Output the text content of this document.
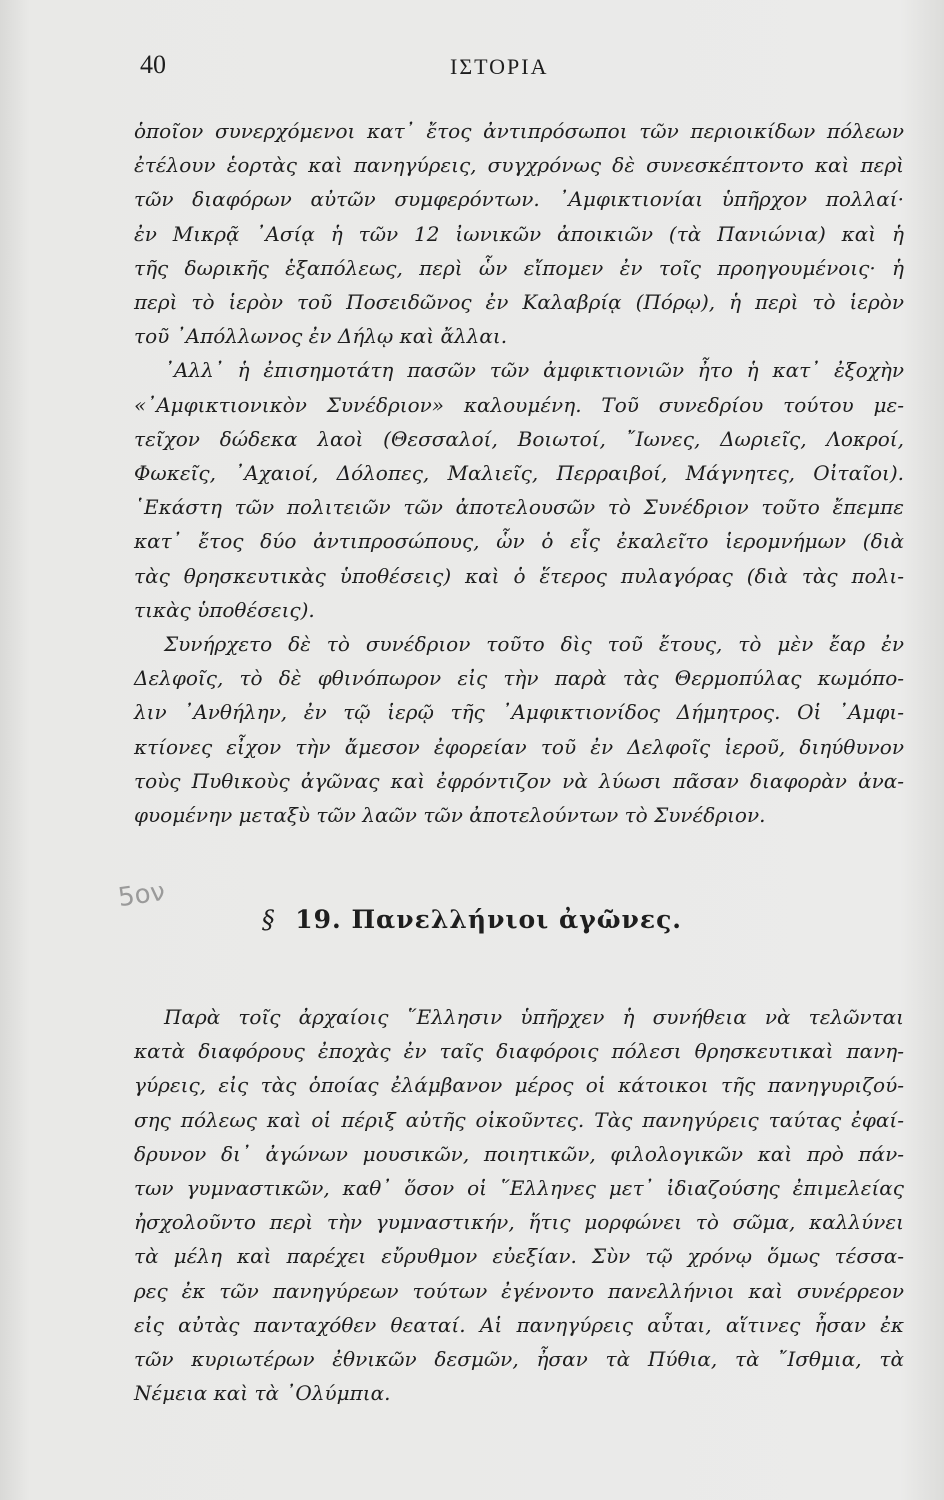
40	ΙΣΤΟΡΙΑ
ὁποῖον συνερχόμενοι κατ᾽ ἔτος ἀντιπρόσωποι τῶν περιοικίδων πόλεων
ἐτέλουν ἑορτὰς καὶ πανηγύρεις, συγχρόνως δὲ συνεσκέπτοντο καὶ περὶ
τῶν διαφόρων αὐτῶν συμφερόντων. ᾽Αμφικτιονίαι ὑπῆρχον πολλαί·
ἐν Μικρᾷ ᾽Ασίᾳ ἡ τῶν 12 ἰωνικῶν ἀποικιῶν (τὰ Πανιώνια) καὶ ἡ
τῆς δωρικῆς ἑξαπόλεως, περὶ ὧν εἴπομεν ἐν τοῖς προηγουμένοις· ἡ
περὶ τὸ ἱερὸν τοῦ Ποσειδῶνος ἐν Καλαβρίᾳ (Πόρῳ), ἡ περὶ τὸ ἱερὸν
τοῦ ᾽Απόλλωνος ἐν Δήλῳ καὶ ἄλλαι.
᾽Αλλ᾽ ἡ ἐπισημοτάτη πασῶν τῶν ἀμφικτιονιῶν ἦτο ἡ κατ᾽ ἐξοχὴν
«᾽Αμφικτιονικὸν Συνέδριον» καλουμένη. Τοῦ συνεδρίου τούτου με-
τεῖχον δώδεκα λαοὶ (Θεσσαλοί, Βοιωτοί, ῎Ιωνες, Δωριεῖς, Λοκροί,
Φωκεῖς, ᾽Αχαιοί, Δόλοπες, Μαλιεῖς, Περραιβοί, Μάγνητες, Οἰταῖοι).
῾Εκάστη τῶν πολιτειῶν τῶν ἀποτελουσῶν τὸ Συνέδριον τοῦτο ἔπεμπε
κατ᾽ ἔτος δύο ἀντιπροσώπους, ὧν ὁ εἷς ἐκαλεῖτο ἱερομνήμων (διὰ
τὰς θρησκευτικὰς ὑποθέσεις) καὶ ὁ ἕτερος πυλαγόρας (διὰ τὰς πολι-
τικὰς ὑποθέσεις).
Συνήρχετο δὲ τὸ συνέδριον τοῦτο δὶς τοῦ ἔτους, τὸ μὲν ἔαρ ἐν
Δελφοῖς, τὸ δὲ φθινόπωρον εἰς τὴν παρὰ τὰς Θερμοπύλας κωμόπο-
λιν ᾽Ανθήλην, ἐν τῷ ἱερῷ τῆς ᾽Αμφικτιονίδος Δήμητρος. Οἱ ᾽Αμφι-
κτίονες εἶχον τὴν ἄμεσον ἐφορείαν τοῦ ἐν Δελφοῖς ἱεροῦ, διηύθυνον
τοὺς Πυθικοὺς ἀγῶνας καὶ ἐφρόντιζον νὰ λύωσι πᾶσαν διαφορὰν ἀνα-
φυομένην μεταξὺ τῶν λαῶν τῶν ἀποτελούντων τὸ Συνέδριον.
5ον
§ 19. Πανελλήνιοι ἀγῶνες.
Παρὰ τοῖς ἀρχαίοις ῞Ελλησιν ὑπῆρχεν ἡ συνήθεια νὰ τελῶνται
κατὰ διαφόρους ἐποχὰς ἐν ταῖς διαφόροις πόλεσι θρησκευτικαὶ πανη-
γύρεις, εἰς τὰς ὁποίας ἐλάμβανον μέρος οἱ κάτοικοι τῆς πανηγυριζού-
σης πόλεως καὶ οἱ πέριξ αὐτῆς οἰκοῦντες. Τὰς πανηγύρεις ταύτας ἐφαί-
δρυνον δι᾽ ἀγώνων μουσικῶν, ποιητικῶν, φιλολογικῶν καὶ πρὸ πάν-
των γυμναστικῶν, καθ᾽ ὅσον οἱ ῞Ελληνες μετ᾽ ἰδιαζούσης ἐπιμελείας
ἠσχολοῦντο περὶ τὴν γυμναστικήν, ἥτις μορφώνει τὸ σῶμα, καλλύνει
τὰ μέλη καὶ παρέχει εὔρυθμον εὐεξίαν. Σὺν τῷ χρόνῳ ὅμως τέσσα-
ρες ἐκ τῶν πανηγύρεων τούτων ἐγένοντο πανελλήνιοι καὶ συνέρρεον
εἰς αὐτὰς πανταχόθεν θεαταί. Αἱ πανηγύρεις αὗται, αἵτινες ἦσαν ἐκ
τῶν κυριωτέρων ἐθνικῶν δεσμῶν, ἦσαν τὰ Πύθια, τὰ ῎Ισθμια, τὰ
Νέμεια καὶ τὰ ᾽Ολύμπια.
